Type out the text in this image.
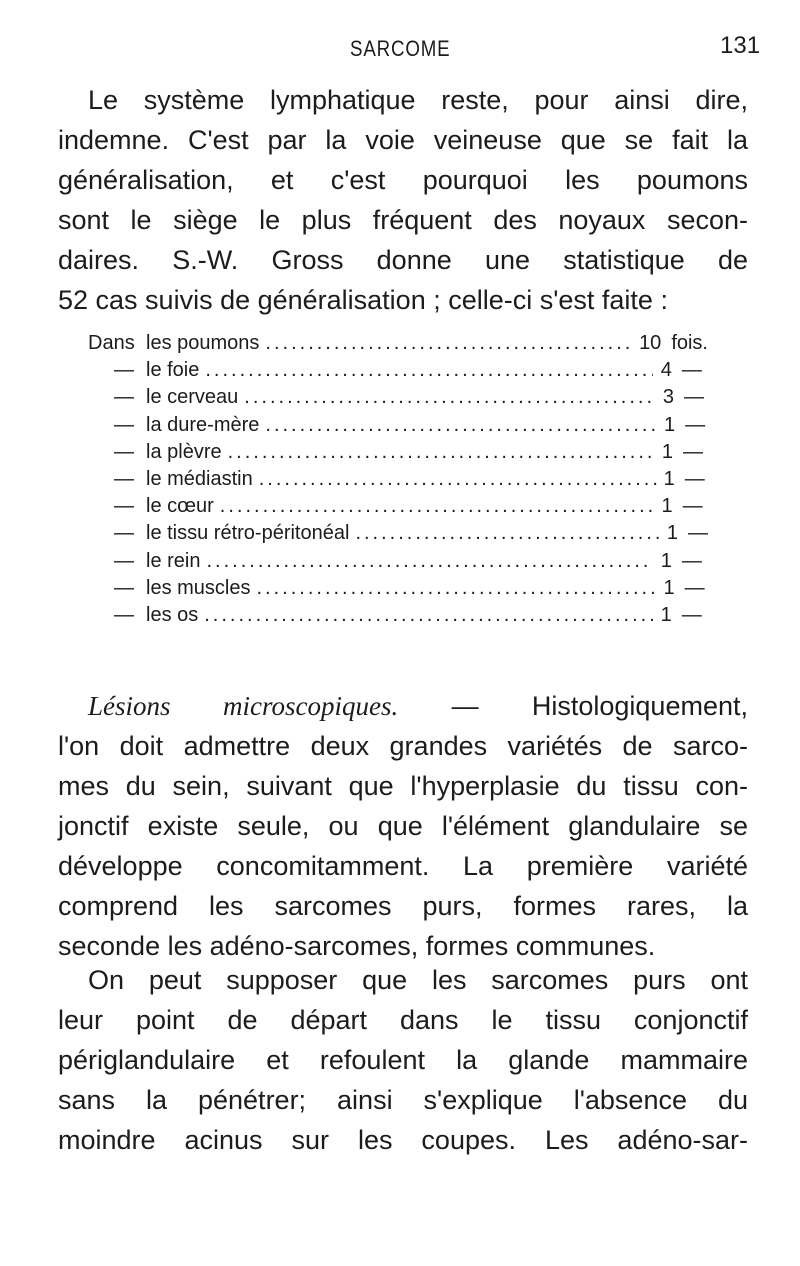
SARCOME	131

Le système lymphatique reste, pour ainsi dire,
indemne. C'est par la voie veineuse que se fait la
généralisation, et c'est pourquoi les poumons
sont le siège le plus fréquent des noyaux secon-
daires. S.-W. Gross donne une statistique de
52 cas suivis de généralisation ; celle-ci s'est faite :

Dans les poumons .....	10 fois.
— le foie .....	4 —
— le cerveau .....	3 —
— la dure-mère .....	1 —
— la plèvre .....	1 —
— le médiastin .....	1 —
— le cœur .....	1 —
— le tissu rétro-péritonéal .....	1 —
— le rein .....	1 —
— les muscles .....	1 —
— les os .....	1 —

Lésions microscopiques. — Histologiquement,
l'on doit admettre deux grandes variétés de sarco-
mes du sein, suivant que l'hyperplasie du tissu con-
jonctif existe seule, ou que l'élément glandulaire se
développe concomitamment. La première variété
comprend les sarcomes purs, formes rares, la
seconde les adéno-sarcomes, formes communes.

On peut supposer que les sarcomes purs ont
leur point de départ dans le tissu conjonctif
périglandulaire et refoulent la glande mammaire
sans la pénétrer; ainsi s'explique l'absence du
moindre acinus sur les coupes. Les adéno-sar-
